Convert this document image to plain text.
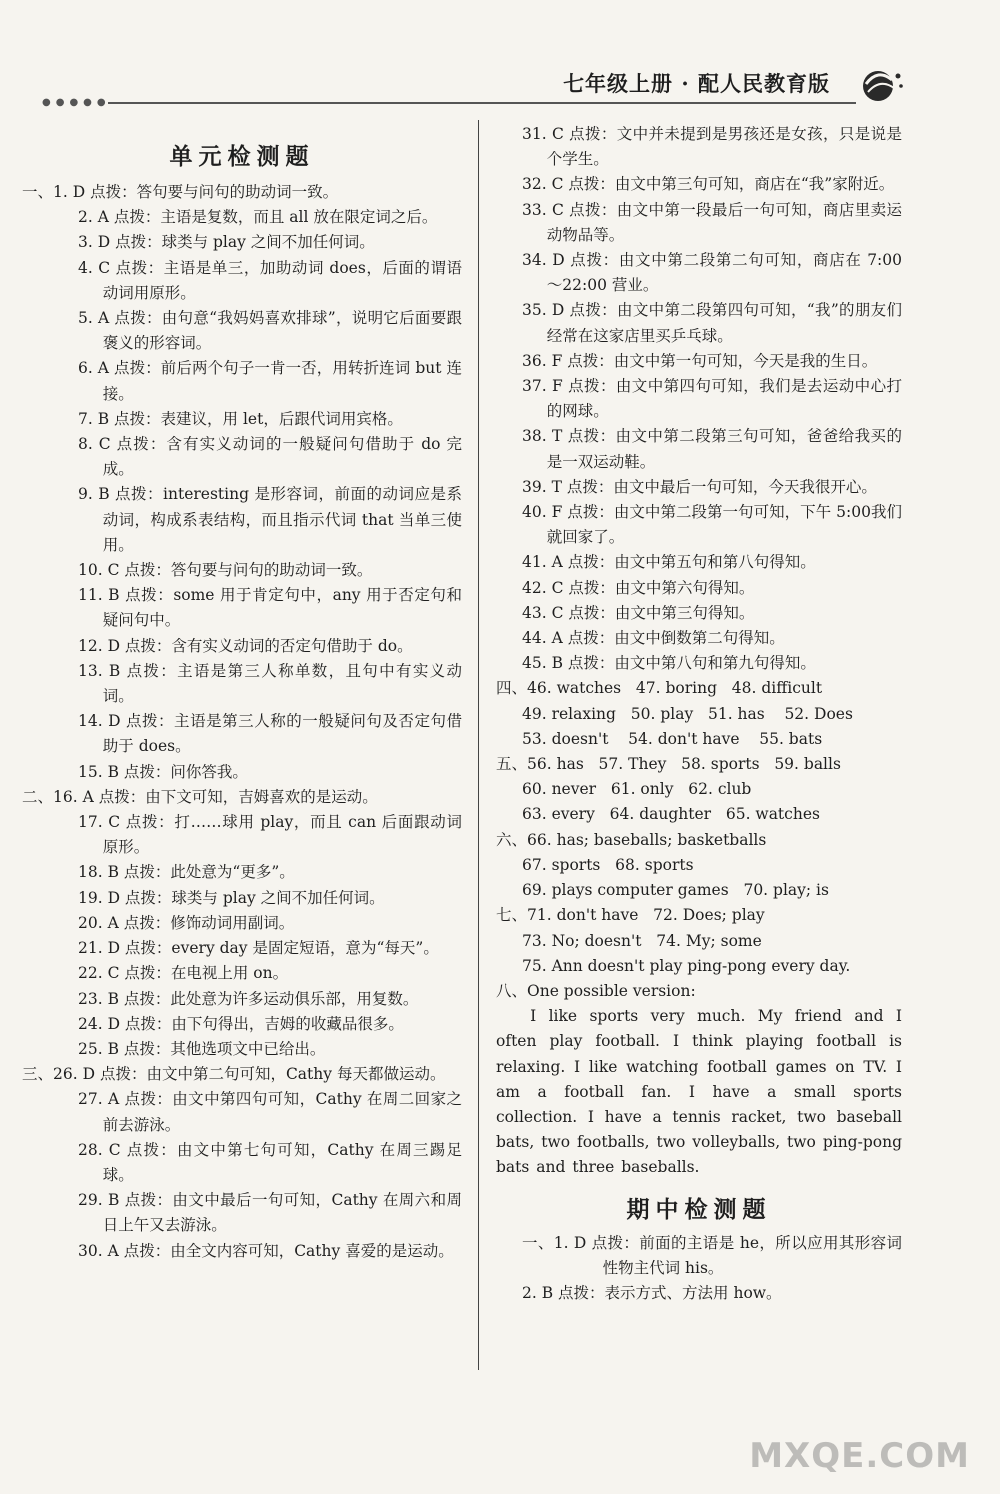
●●●●●
七年级上册 · 配人民教育版
单元检测题
一、1. D 点拨：答句要与问句的助动词一致。
2. A 点拨：主语是复数，而且 all 放在限定词之后。
3. D 点拨：球类与 play 之间不加任何词。
4. C 点拨：主语是单三，加助动词 does，后面的谓语动词用原形。
5. A 点拨：由句意“我妈妈喜欢排球”，说明它后面要跟褒义的形容词。
6. A 点拨：前后两个句子一肯一否，用转折连词 but 连接。
7. B 点拨：表建议，用 let，后跟代词用宾格。
8. C 点拨：含有实义动词的一般疑问句借助于 do 完成。
9. B 点拨：interesting 是形容词，前面的动词应是系动词，构成系表结构，而且指示代词 that 当单三使用。
10. C 点拨：答句要与问句的助动词一致。
11. B 点拨：some 用于肯定句中，any 用于否定句和疑问句中。
12. D 点拨：含有实义动词的否定句借助于 do。
13. B 点拨：主语是第三人称单数，且句中有实义动词。
14. D 点拨：主语是第三人称的一般疑问句及否定句借助于 does。
15. B 点拨：问你答我。
二、16. A 点拨：由下文可知，吉姆喜欢的是运动。
17. C 点拨：打……球用 play，而且 can 后面跟动词原形。
18. B 点拨：此处意为“更多”。
19. D 点拨：球类与 play 之间不加任何词。
20. A 点拨：修饰动词用副词。
21. D 点拨：every day 是固定短语，意为“每天”。
22. C 点拨：在电视上用 on。
23. B 点拨：此处意为许多运动俱乐部，用复数。
24. D 点拨：由下句得出，吉姆的收藏品很多。
25. B 点拨：其他选项文中已给出。
三、26. D 点拨：由文中第二句可知，Cathy 每天都做运动。
27. A 点拨：由文中第四句可知，Cathy 在周二回家之前去游泳。
28. C 点拨：由文中第七句可知，Cathy 在周三踢足球。
29. B 点拨：由文中最后一句可知，Cathy 在周六和周日上午又去游泳。
30. A 点拨：由全文内容可知，Cathy 喜爱的是运动。
31. C 点拨：文中并未提到是男孩还是女孩，只是说是个学生。
32. C 点拨：由文中第三句可知，商店在“我”家附近。
33. C 点拨：由文中第一段最后一句可知，商店里卖运动物品等。
34. D 点拨：由文中第二段第二句可知，商店在 7:00～22:00 营业。
35. D 点拨：由文中第二段第四句可知，“我”的朋友们经常在这家店里买乒乓球。
36. F 点拨：由文中第一句可知，今天是我的生日。
37. F 点拨：由文中第四句可知，我们是去运动中心打的网球。
38. T 点拨：由文中第二段第三句可知，爸爸给我买的是一双运动鞋。
39. T 点拨：由文中最后一句可知，今天我很开心。
40. F 点拨：由文中第二段第一句可知，下午 5:00我们就回家了。
41. A 点拨：由文中第五句和第八句得知。
42. C 点拨：由文中第六句得知。
43. C 点拨：由文中第三句得知。
44. A 点拨：由文中倒数第二句得知。
45. B 点拨：由文中第八句和第九句得知。
四、46. watches   47. boring   48. difficult
49. relaxing   50. play   51. has    52. Does
53. doesn't    54. don't have    55. bats
五、56. has   57. They   58. sports   59. balls
60. never   61. only   62. club
63. every   64. daughter   65. watches
六、66. has; baseballs; basketballs
67. sports   68. sports
69. plays computer games   70. play; is
七、71. don't have   72. Does; play
73. No; doesn't   74. My; some
75. Ann doesn't play ping-pong every day.
八、One possible version:
I like sports very much. My friend and I often play football. I think playing football is relaxing. I like watching football games on TV. I am a football fan. I have a small sports collection. I have a tennis racket, two baseball bats, two footballs, two volleyballs, two ping-pong bats and three baseballs.
期中检测题
一、1. D 点拨：前面的主语是 he，所以应用其形容词性物主代词 his。
2. B 点拨：表示方式、方法用 how。
MXQE.COM
